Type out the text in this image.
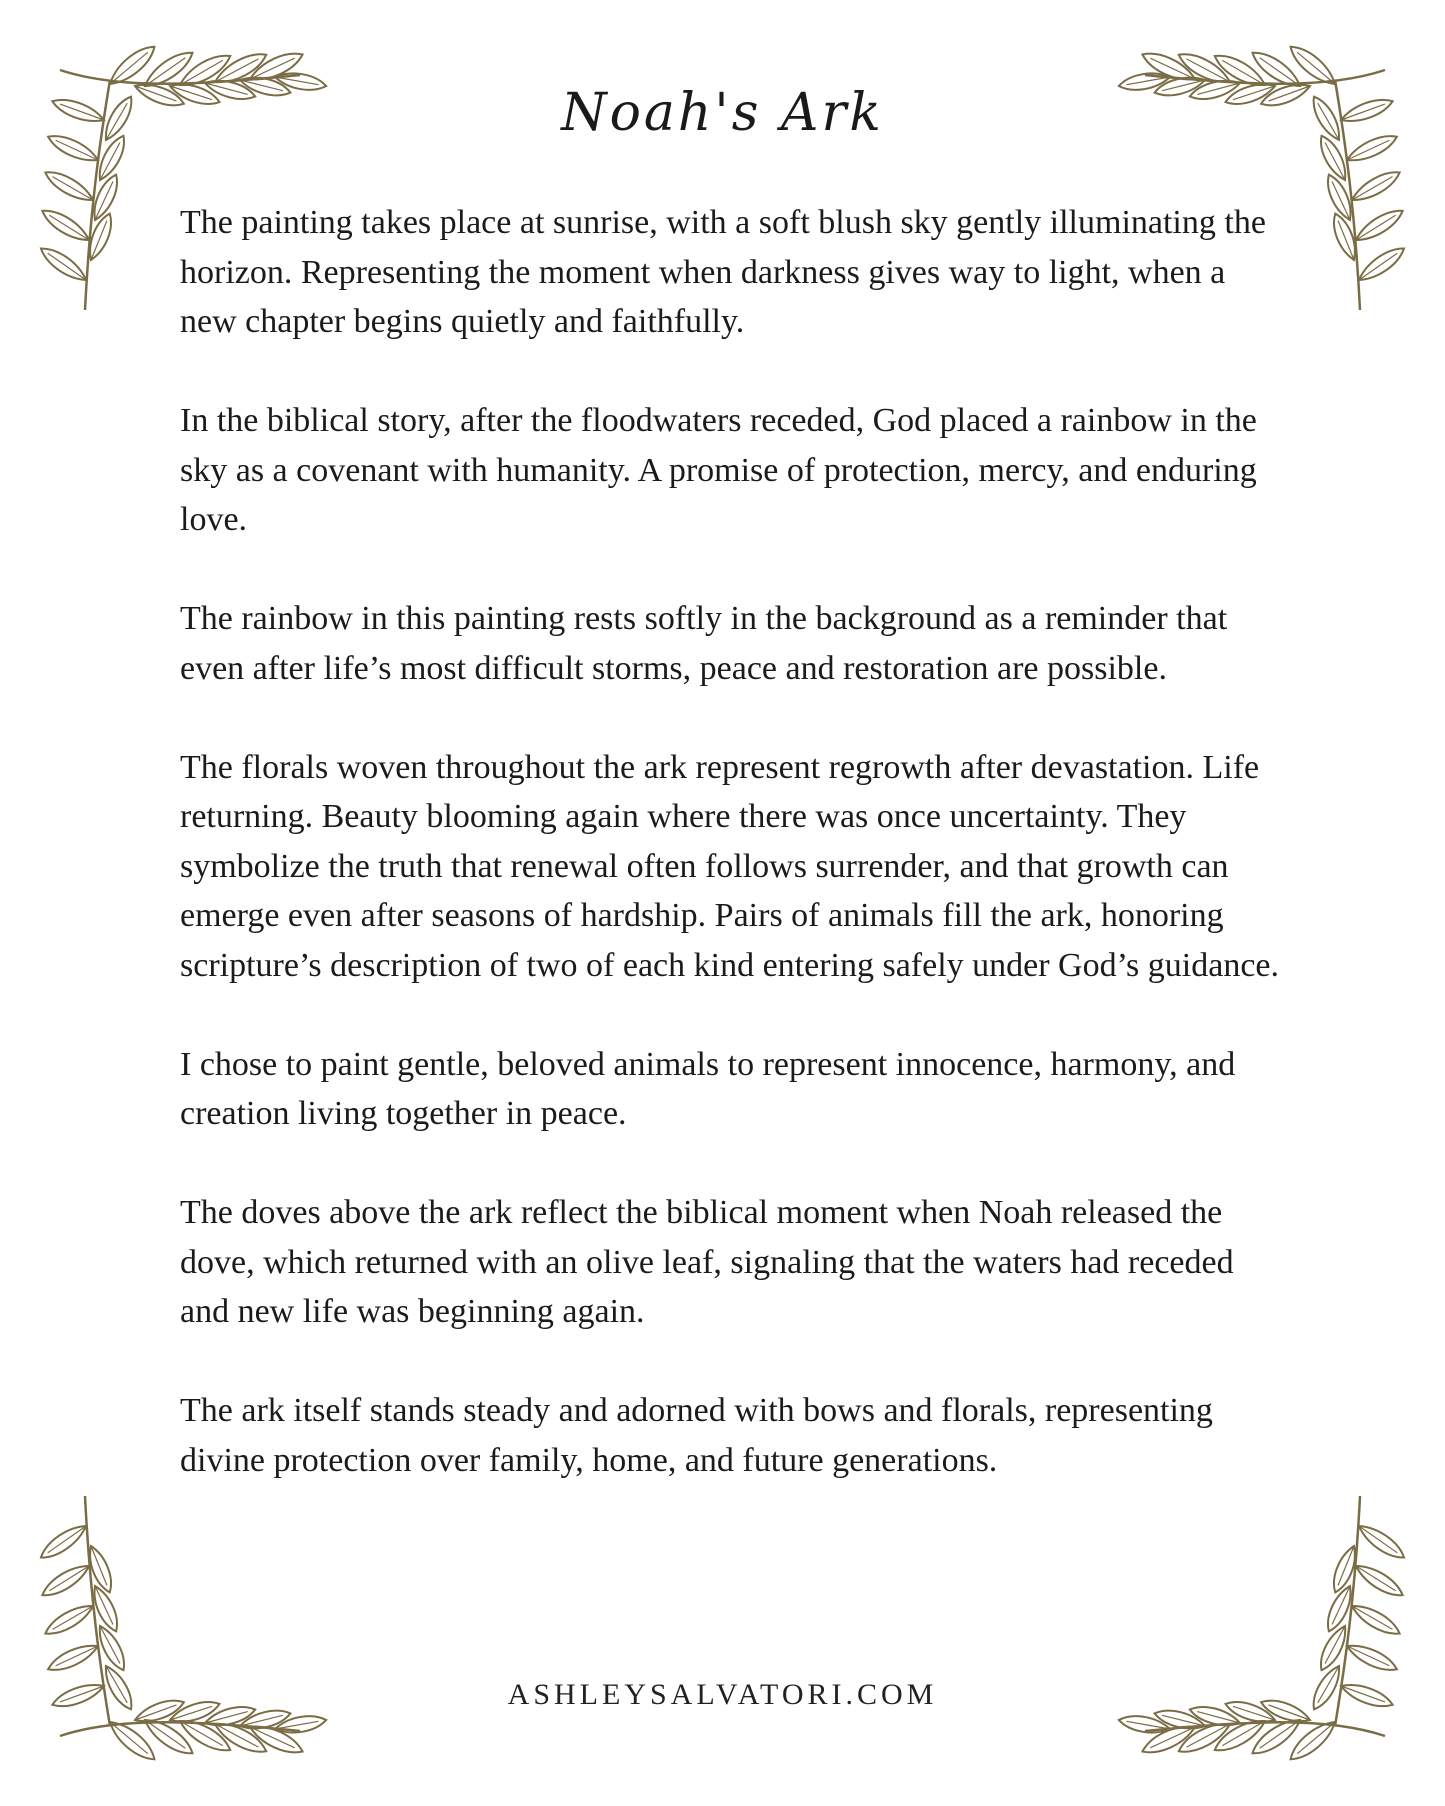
Noah's Ark

The painting takes place at sunrise, with a soft blush sky gently illuminating the horizon. Representing the moment when darkness gives way to light, when a new chapter begins quietly and faithfully.

In the biblical story, after the floodwaters receded, God placed a rainbow in the sky as a covenant with humanity. A promise of protection, mercy, and enduring love.

The rainbow in this painting rests softly in the background as a reminder that even after life’s most difficult storms, peace and restoration are possible.

The florals woven throughout the ark represent regrowth after devastation. Life returning. Beauty blooming again where there was once uncertainty. They symbolize the truth that renewal often follows surrender, and that growth can emerge even after seasons of hardship. Pairs of animals fill the ark, honoring scripture’s description of two of each kind entering safely under God’s guidance.

I chose to paint gentle, beloved animals to represent innocence, harmony, and creation living together in peace.

The doves above the ark reflect the biblical moment when Noah released the dove, which returned with an olive leaf, signaling that the waters had receded and new life was beginning again.

The ark itself stands steady and adorned with bows and florals, representing divine protection over family, home, and future generations.

ASHLEYSALVATORI.COM
